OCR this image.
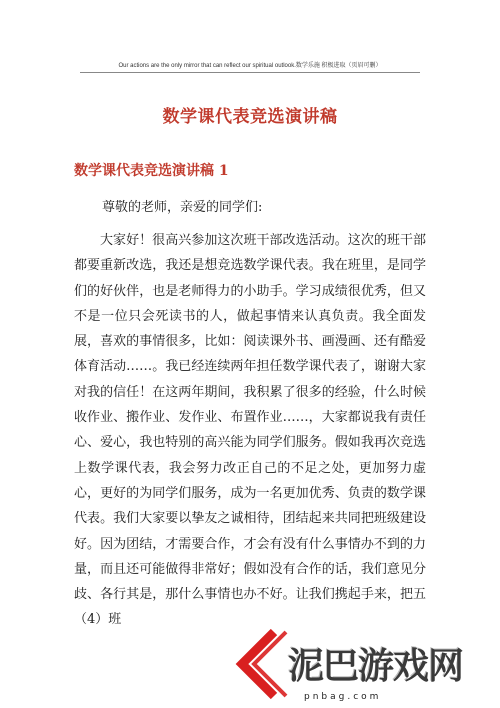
Our actions are the only mirror that can reflect our spiritual outlook.数学乐施 积极进取（页眉可删）
数学课代表竞选演讲稿
数学课代表竞选演讲稿 1
尊敬的老师，亲爱的同学们:
大家好！很高兴参加这次班干部改选活动。这次的班干部都要重新改选，我还是想竞选数学课代表。我在班里，是同学们的好伙伴，也是老师得力的小助手。学习成绩很优秀，但又不是一位只会死读书的人，做起事情来认真负责。我全面发展，喜欢的事情很多，比如：阅读课外书、画漫画、还有酷爱体育活动……。我已经连续两年担任数学课代表了，谢谢大家对我的信任！在这两年期间，我积累了很多的经验，什么时候收作业、搬作业、发作业、布置作业……，大家都说我有责任心、爱心，我也特别的高兴能为同学们服务。假如我再次竞选上数学课代表，我会努力改正自己的不足之处，更加努力虚心，更好的为同学们服务，成为一名更加优秀、负责的数学课代表。我们大家要以挚友之诚相待，团结起来共同把班级建设好。因为团结，才需要合作，才会有没有什么事情办不到的力量，而且还可能做得非常好；假如没有合作的话，我们意见分歧、各行其是，那什么事情也办不好。让我们携起手来，把五（4）班
泥巴游戏网
pnbag.com
